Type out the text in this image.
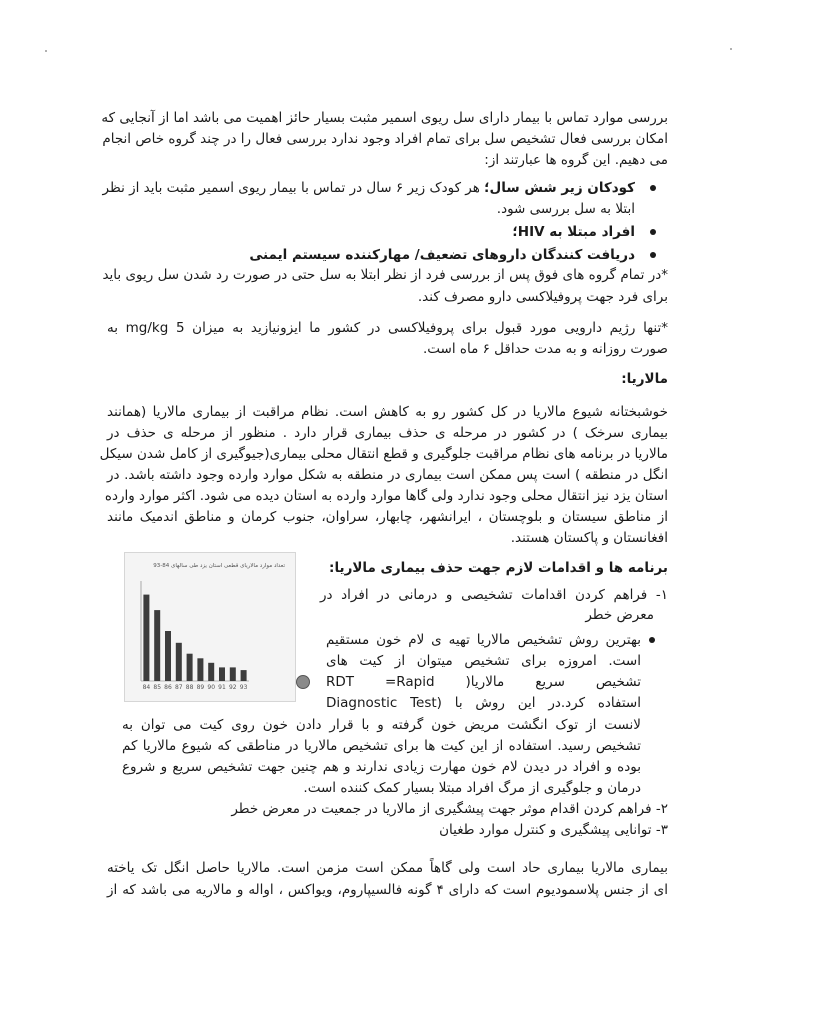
بررسی موارد تماس با بیمار دارای سل ریوی اسمیر مثبت بسیار حائز اهمیت می باشد اما از آنجایی که
امکان بررسی فعال تشخیص سل برای تمام افراد وجود ندارد بررسی فعال را در چند گروه خاص انجام
می دهیم. این گروه ها عبارتند از:
کودکان زیر شش سال؛ هر کودک زیر ۶ سال در تماس با بیمار ریوی اسمیر مثبت باید از نظر
ابتلا به سل بررسی شود.
افراد مبتلا به HIV؛
دریافت کنندگان داروهای تضعیف/ مهارکننده سیستم ایمنی
*در تمام گروه های فوق پس از بررسی فرد از نظر ابتلا به سل حتی در صورت رد شدن سل ریوی باید
برای فرد جهت پروفیلاکسی دارو مصرف کند.
*تنها رژیم دارویی مورد قبول برای پروفیلاکسی در کشور ما ایزونیازید به میزان 5 mg/kg به
صورت روزانه و به مدت حداقل ۶ ماه است.
مالاریا:
خوشبختانه شیوع مالاریا در کل کشور رو به کاهش است. نظام مراقبت از بیماری مالاریا (همانند
بیماری سرخک ) در کشور در مرحله ی حذف بیماری قرار دارد . منظور از مرحله ی حذف در
مالاریا در برنامه های نظام مراقبت جلوگیری و قطع انتقال محلی بیماری(جیوگیری از کامل شدن سیکل
انگل در منطقه ) است پس ممکن است بیماری در منطقه به شکل موارد وارده وجود داشته باشد. در
استان یزد نیز انتقال محلی وجود ندارد ولی گاها موارد وارده به استان دیده می شود. اکثر موارد وارده
از مناطق سیستان و بلوچستان ، ایرانشهر، چابهار، سراوان، جنوب کرمان و مناطق اندمیک مانند
افغانستان و پاکستان هستند.
برنامه ها و اقدامات لازم جهت حذف بیماری مالاریا:
تعداد موارد مالاریای قطعی استان یزد طی سالهای 84-93
84 85 86 87 88 89 90 91 92 93
۱- فراهم کردن اقدامات تشخیصی و درمانی در افراد در
معرض خطر
بهترین روش تشخیص مالاریا تهیه ی لام خون مستقیم
است. امروزه برای تشخیص میتوان از کیت های
تشخیص سریع مالاریا( RDT =Rapid
Diagnostic Test) استفاده کرد.در این روش با
لانست از توک انگشت مریض خون گرفته و با قرار دادن خون روی کیت می توان به
تشخیص رسید. استفاده از این کیت ها برای تشخیص مالاریا در مناطقی که شیوع مالاریا کم
بوده و افراد در دیدن لام خون مهارت زیادی ندارند و هم چنین جهت تشخیص سریع و شروع
درمان و جلوگیری از مرگ افراد مبتلا بسیار کمک کننده است.
۲- فراهم کردن اقدام موثر جهت پیشگیری از مالاریا در جمعیت در معرض خطر
۳- توانایی پیشگیری و کنترل موارد طغیان
بیماری مالاریا بیماری حاد است ولی گاهاً ممکن است مزمن است. مالاریا حاصل انگل تک یاخته
ای از جنس پلاسمودیوم است که دارای ۴ گونه فالسیپاروم، ویواکس ، اواله و مالاریه می باشد که از
